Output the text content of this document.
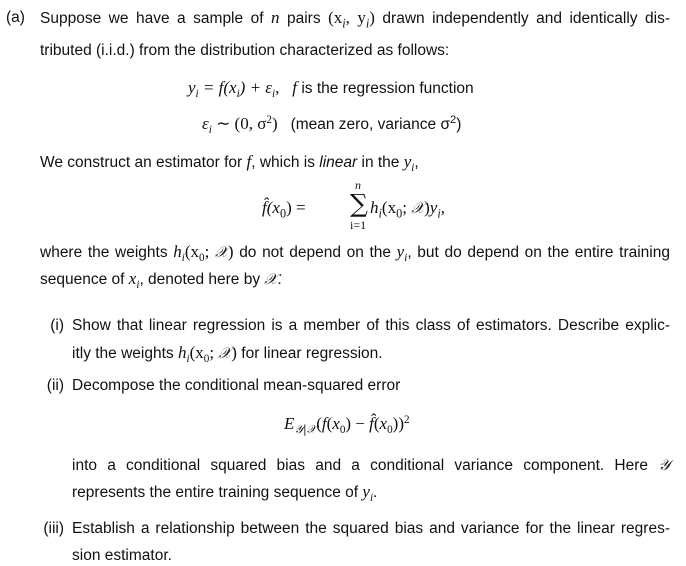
(a) Suppose we have a sample of n pairs ($x_i$, $y_i$) drawn independently and identically dis-
tributed (i.i.d.) from the distribution characterized as follows:
$y_i = f(x_i) + \varepsilon_i$, f is the regression function
$\varepsilon_i$ ∼ (0, $\sigma^2$) (mean zero, variance $\sigma^2$)
We construct an estimator for f, which is linear in the $y_i$,
$f̂(x_0)$ =
n
∑
i=1
$h_i(x_0$; $𝒳)y_i$,
where the weights $h_i(x_0$; 𝒳) do not depend on the $y_i$, but do depend on the entire training
sequence of $x_i$, denoted here by 𝒳.
(i) Show that linear regression is a member of this class of estimators. Describe explic-
itly the weights $h_i(x_0$; 𝒳) for linear regression.
(ii) Decompose the conditional mean-squared error
$E_{𝒴|𝒳}(f(x_0)$ − $f̂(x_0))^2$
into a conditional squared bias and a conditional variance component. Here 𝒴
represents the entire training sequence of $y_i$.
(iii) Establish a relationship between the squared bias and variance for the linear regres-
sion estimator.
